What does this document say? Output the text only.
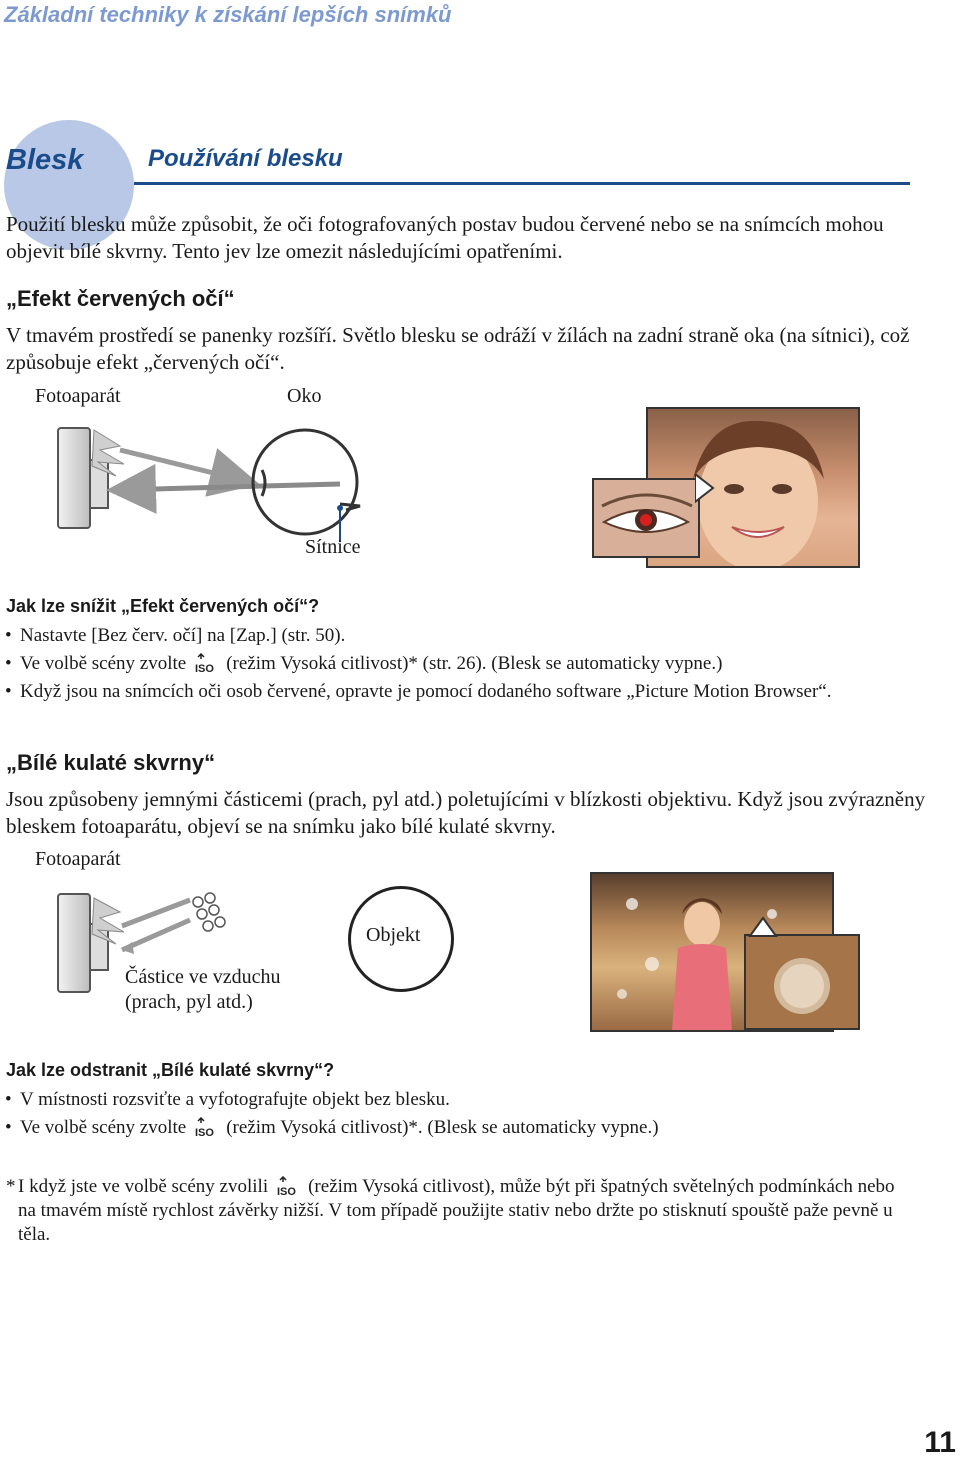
Základní techniky k získání lepších snímků
Blesk	Používání blesku
Použití blesku může způsobit, že oči fotografovaných postav budou červené nebo se na snímcích mohou objevit bílé skvrny. Tento jev lze omezit následujícími opatřeními.
„Efekt červených očí“
V tmavém prostředí se panenky rozšíří. Světlo blesku se odráží v žílách na zadní straně oka (na sítnici), což způsobuje efekt „červených očí“.
Fotoaparát	Oko
Sítnice
Jak lze snížit „Efekt červených očí“?
• Nastavte [Bez červ. očí] na [Zap.] (str. 50).
• Ve volbě scény zvolte ISO (režim Vysoká citlivost)* (str. 26). (Blesk se automaticky vypne.)
• Když jsou na snímcích oči osob červené, opravte je pomocí dodaného software „Picture Motion Browser“.
„Bílé kulaté skvrny“
Jsou způsobeny jemnými částicemi (prach, pyl atd.) poletujícími v blízkosti objektivu. Když jsou zvýrazněny bleskem fotoaparátu, objeví se na snímku jako bílé kulaté skvrny.
Fotoaparát
Částice ve vzduchu
(prach, pyl atd.)
Objekt
Jak lze odstranit „Bílé kulaté skvrny“?
• V místnosti rozsviťte a vyfotografujte objekt bez blesku.
• Ve volbě scény zvolte ISO (režim Vysoká citlivost)*. (Blesk se automaticky vypne.)
* I když jste ve volbě scény zvolili ISO (režim Vysoká citlivost), může být při špatných světelných podmínkách nebo na tmavém místě rychlost závěrky nižší. V tom případě použijte stativ nebo držte po stisknutí spouště paže pevně u těla.
11
